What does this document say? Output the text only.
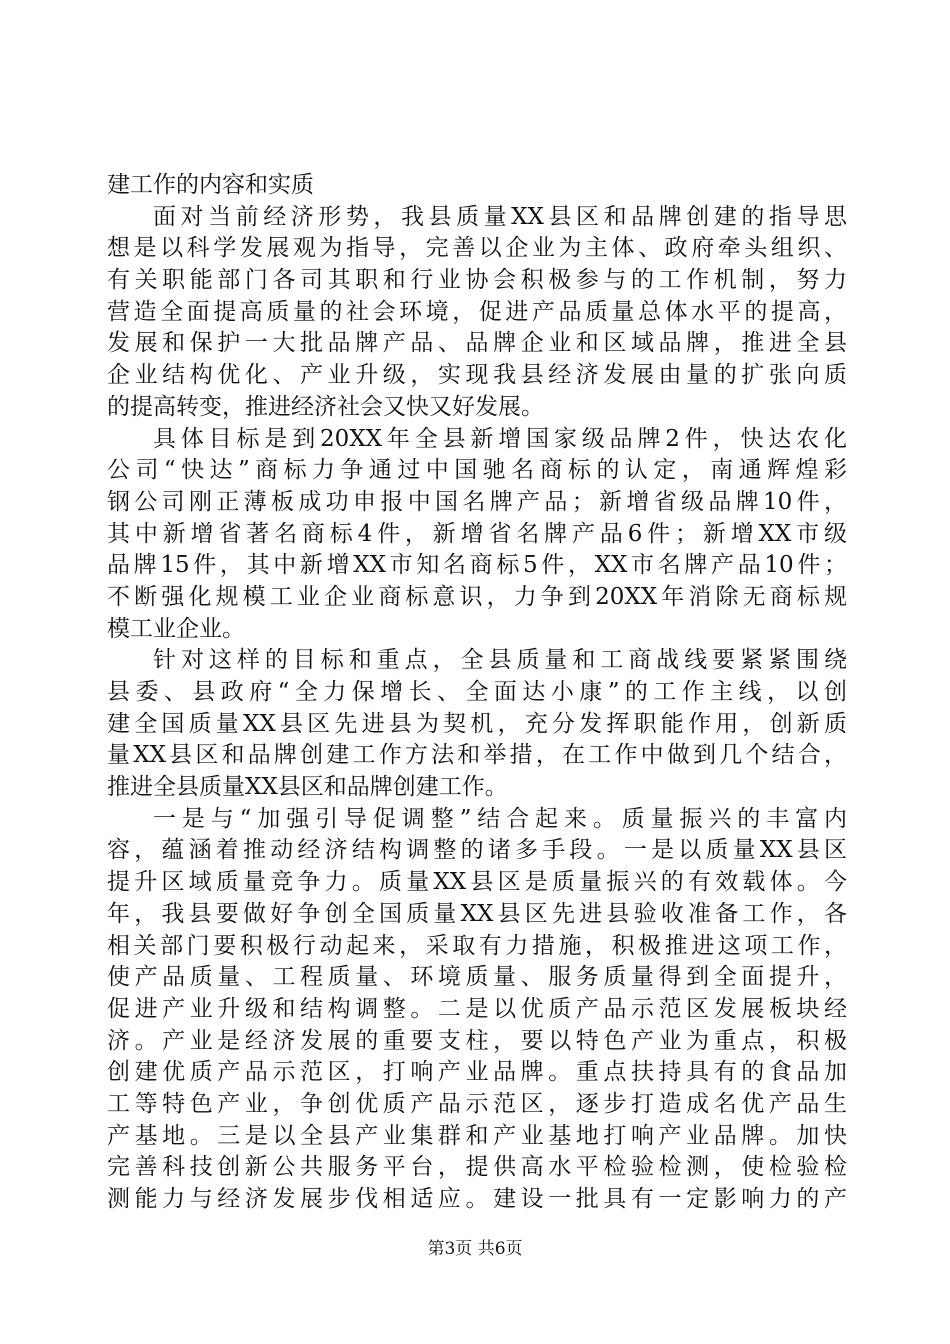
建工作的内容和实质
面对当前经济形势，我县质量XX县区和品牌创建的指导思
想是以科学发展观为指导，完善以企业为主体、政府牵头组织、
有关职能部门各司其职和行业协会积极参与的工作机制，努力
营造全面提高质量的社会环境，促进产品质量总体水平的提高，
发展和保护一大批品牌产品、品牌企业和区域品牌，推进全县
企业结构优化、产业升级，实现我县经济发展由量的扩张向质
的提高转变，推进经济社会又快又好发展。
具体目标是到20XX年全县新增国家级品牌2件，快达农化
公司“快达”商标力争通过中国驰名商标的认定，南通辉煌彩
钢公司刚正薄板成功申报中国名牌产品；新增省级品牌10件，
其中新增省著名商标4件，新增省名牌产品6件；新增XX市级
品牌15件，其中新增XX市知名商标5件，XX市名牌产品10件；
不断强化规模工业企业商标意识，力争到20XX年消除无商标规
模工业企业。
针对这样的目标和重点，全县质量和工商战线要紧紧围绕
县委、县政府“全力保增长、全面达小康”的工作主线，以创
建全国质量XX县区先进县为契机，充分发挥职能作用，创新质
量XX县区和品牌创建工作方法和举措，在工作中做到几个结合，
推进全县质量XX县区和品牌创建工作。
一是与“加强引导促调整”结合起来。质量振兴的丰富内
容，蕴涵着推动经济结构调整的诸多手段。一是以质量XX县区
提升区域质量竞争力。质量XX县区是质量振兴的有效载体。今
年，我县要做好争创全国质量XX县区先进县验收准备工作，各
相关部门要积极行动起来，采取有力措施，积极推进这项工作，
使产品质量、工程质量、环境质量、服务质量得到全面提升，
促进产业升级和结构调整。二是以优质产品示范区发展板块经
济。产业是经济发展的重要支柱，要以特色产业为重点，积极
创建优质产品示范区，打响产业品牌。重点扶持具有的食品加
工等特色产业，争创优质产品示范区，逐步打造成名优产品生
产基地。三是以全县产业集群和产业基地打响产业品牌。加快
完善科技创新公共服务平台，提供高水平检验检测，使检验检
测能力与经济发展步伐相适应。建设一批具有一定影响力的产
第3页 共6页
